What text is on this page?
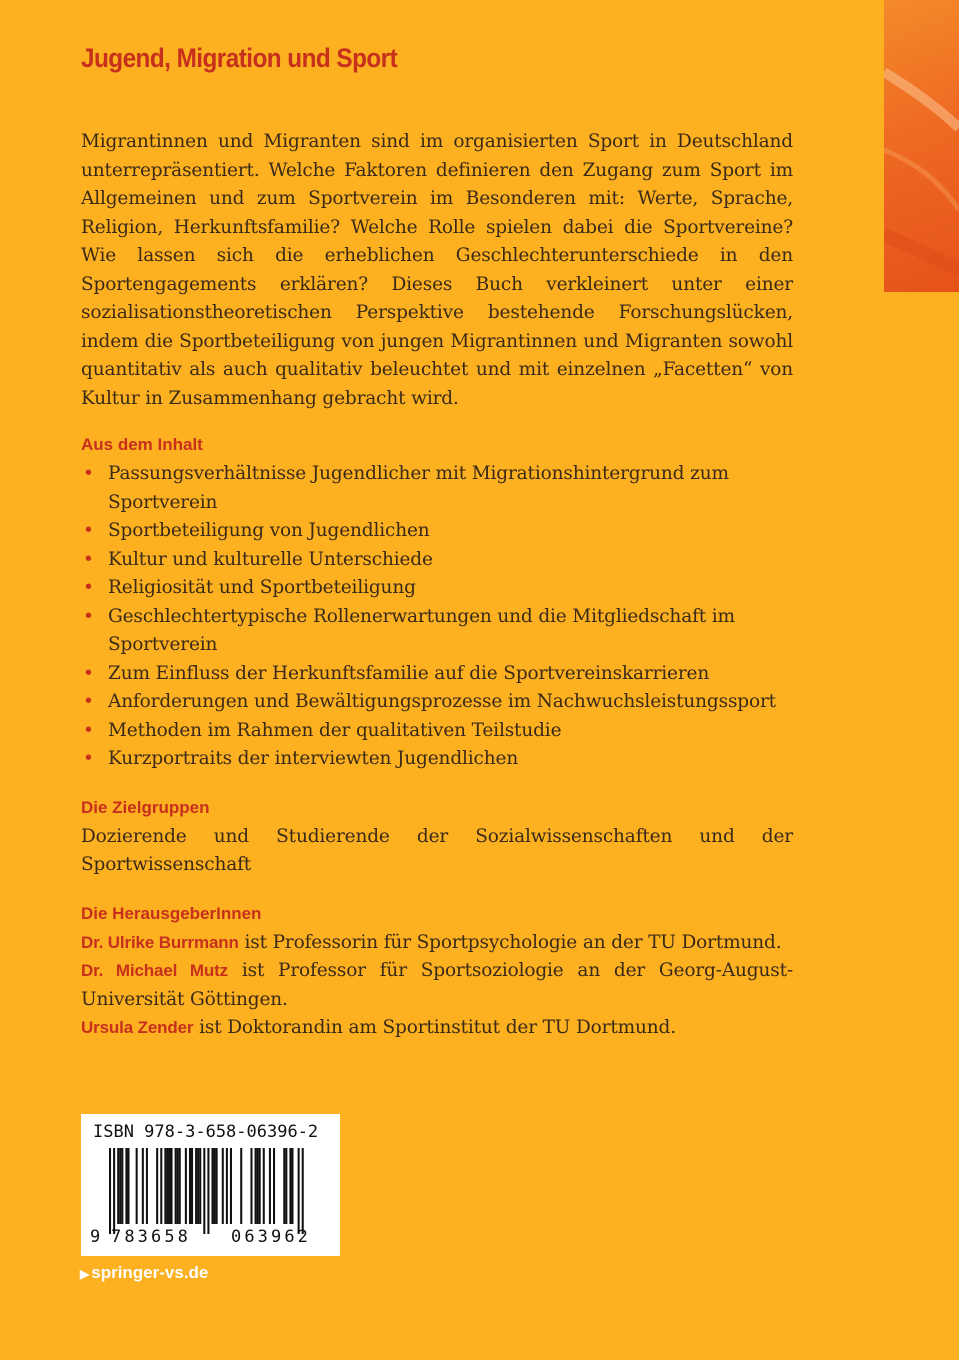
Jugend, Migration und Sport

Migrantinnen und Migranten sind im organisierten Sport in Deutschland unterrepräsentiert. Welche Faktoren definieren den Zugang zum Sport im Allgemeinen und zum Sportverein im Besonderen mit: Werte, Sprache, Religion, Herkunftsfamilie? Welche Rolle spielen dabei die Sportvereine? Wie lassen sich die erheblichen Geschlechterunterschiede in den Sportengagements erklären? Dieses Buch verkleinert unter einer sozialisationstheoretischen Perspektive bestehende Forschungslücken, indem die Sportbeteiligung von jungen Migrantinnen und Migranten sowohl quantitativ als auch qualitativ beleuchtet und mit einzelnen „Facetten“ von Kultur in Zusammenhang gebracht wird.

Aus dem Inhalt
• Passungsverhältnisse Jugendlicher mit Migrationshintergrund zum Sportverein
• Sportbeteiligung von Jugendlichen
• Kultur und kulturelle Unterschiede
• Religiosität und Sportbeteiligung
• Geschlechtertypische Rollenerwartungen und die Mitgliedschaft im Sportverein
• Zum Einfluss der Herkunftsfamilie auf die Sportvereinskarrieren
• Anforderungen und Bewältigungsprozesse im Nachwuchsleistungssport
• Methoden im Rahmen der qualitativen Teilstudie
• Kurzportraits der interviewten Jugendlichen
Die Zielgruppen

Dozierende und Studierende der Sozialwissenschaften und der Sportwissenschaft

Die HerausgeberInnen

Dr. Ulrike Burrmann ist Professorin für Sportpsychologie an der TU Dortmund.

Dr. Michael Mutz ist Professor für Sportsoziologie an der Georg-August-Universität Göttingen.

Ursula Zender ist Doktorandin am Sportinstitut der TU Dortmund.

ISBN 978-3-658-06396-2
9 783658 063962
▶ springer-vs.de
